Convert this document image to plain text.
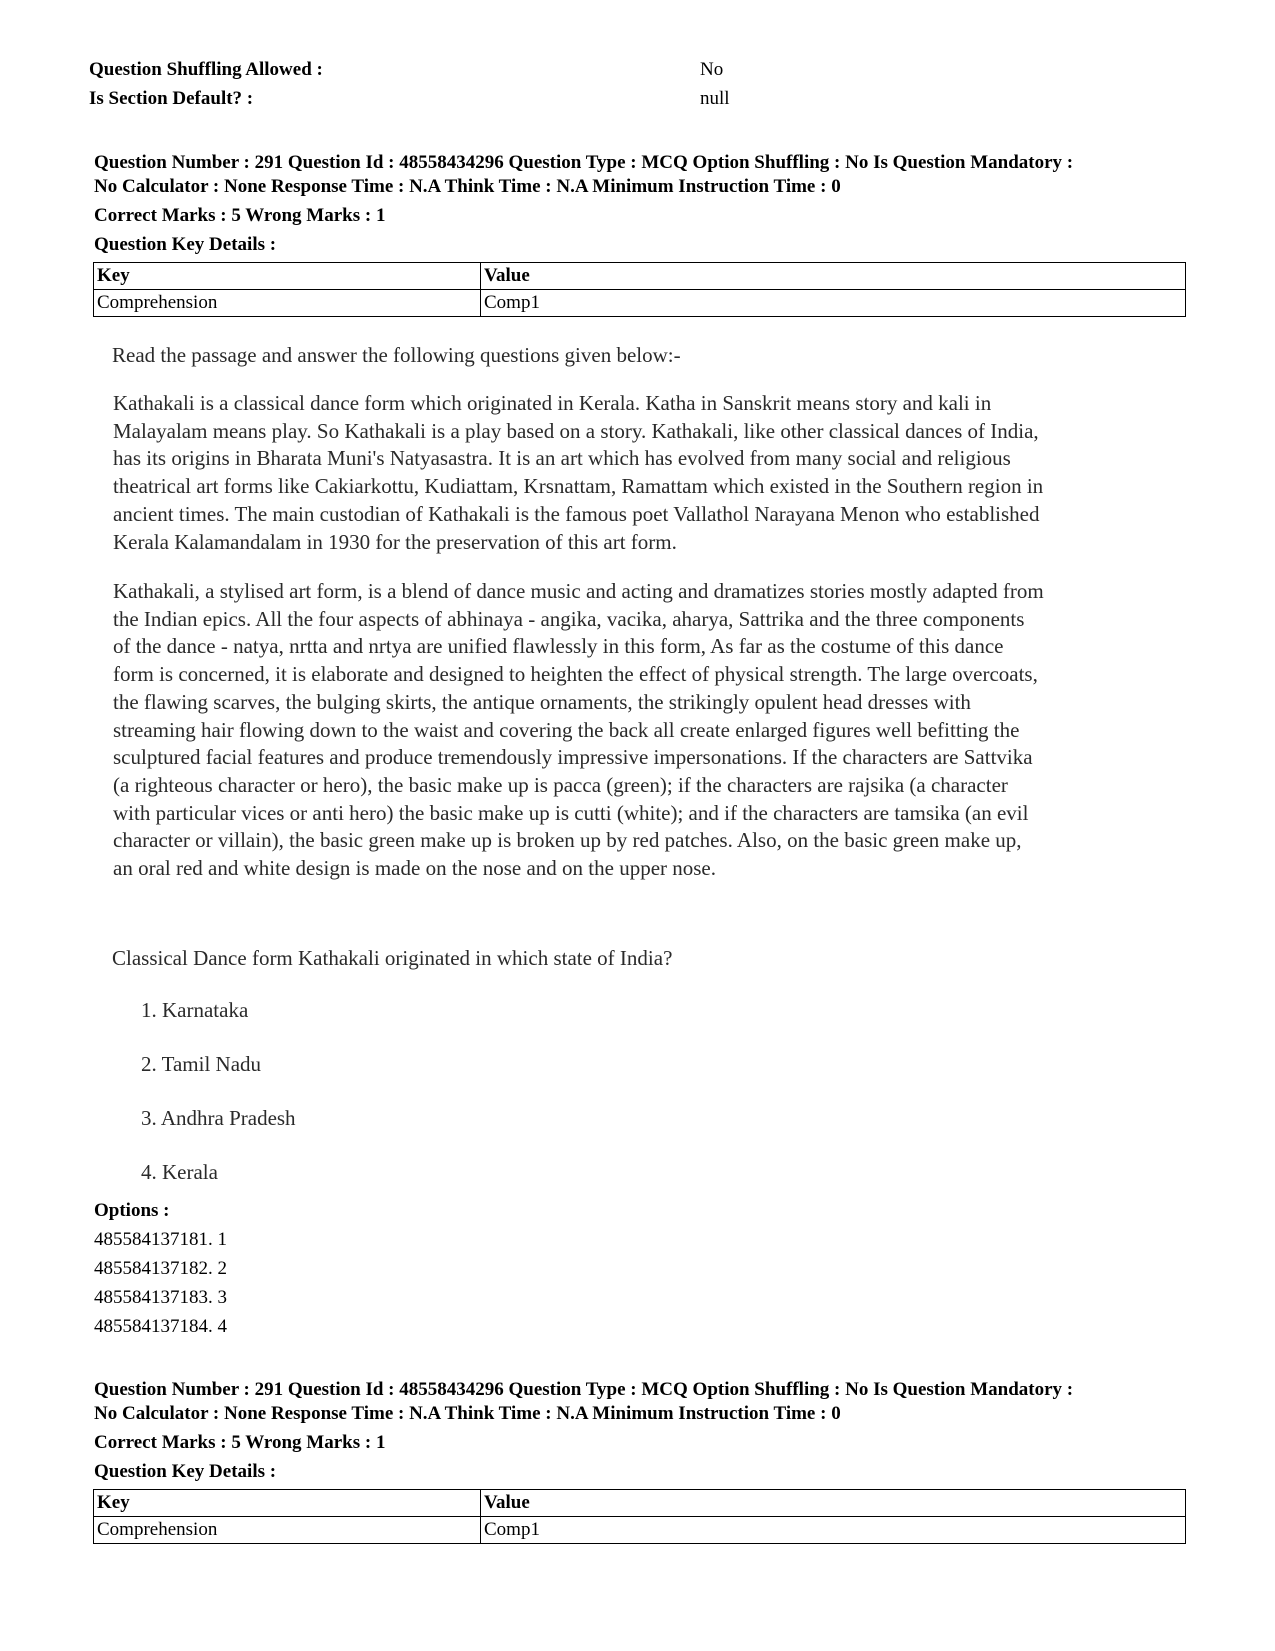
Question Shuffling Allowed :	No
Is Section Default? :	null
Question Number : 291 Question Id : 48558434296 Question Type : MCQ Option Shuffling : No Is Question Mandatory :
No Calculator : None Response Time : N.A Think Time : N.A Minimum Instruction Time : 0
Correct Marks : 5 Wrong Marks : 1
Question Key Details :
Key	Value
Comprehension	Comp1
Read the passage and answer the following questions given below:-
Kathakali is a classical dance form which originated in Kerala. Katha in Sanskrit means story and kali in
Malayalam means play. So Kathakali is a play based on a story. Kathakali, like other classical dances of India,
has its origins in Bharata Muni's Natyasastra. It is an art which has evolved from many social and religious
theatrical art forms like Cakiarkottu, Kudiattam, Krsnattam, Ramattam which existed in the Southern region in
ancient times. The main custodian of Kathakali is the famous poet Vallathol Narayana Menon who established
Kerala Kalamandalam in 1930 for the preservation of this art form.
Kathakali, a stylised art form, is a blend of dance music and acting and dramatizes stories mostly adapted from
the Indian epics. All the four aspects of abhinaya - angika, vacika, aharya, Sattrika and the three components
of the dance - natya, nrtta and nrtya are unified flawlessly in this form, As far as the costume of this dance
form is concerned, it is elaborate and designed to heighten the effect of physical strength. The large overcoats,
the flawing scarves, the bulging skirts, the antique ornaments, the strikingly opulent head dresses with
streaming hair flowing down to the waist and covering the back all create enlarged figures well befitting the
sculptured facial features and produce tremendously impressive impersonations. If the characters are Sattvika
(a righteous character or hero), the basic make up is pacca (green); if the characters are rajsika (a character
with particular vices or anti hero) the basic make up is cutti (white); and if the characters are tamsika (an evil
character or villain), the basic green make up is broken up by red patches. Also, on the basic green make up,
an oral red and white design is made on the nose and on the upper nose.
Classical Dance form Kathakali originated in which state of India?
1. Karnataka
2. Tamil Nadu
3. Andhra Pradesh
4. Kerala
Options :
485584137181. 1
485584137182. 2
485584137183. 3
485584137184. 4
Question Number : 291 Question Id : 48558434296 Question Type : MCQ Option Shuffling : No Is Question Mandatory :
No Calculator : None Response Time : N.A Think Time : N.A Minimum Instruction Time : 0
Correct Marks : 5 Wrong Marks : 1
Question Key Details :
Key	Value
Comprehension	Comp1
